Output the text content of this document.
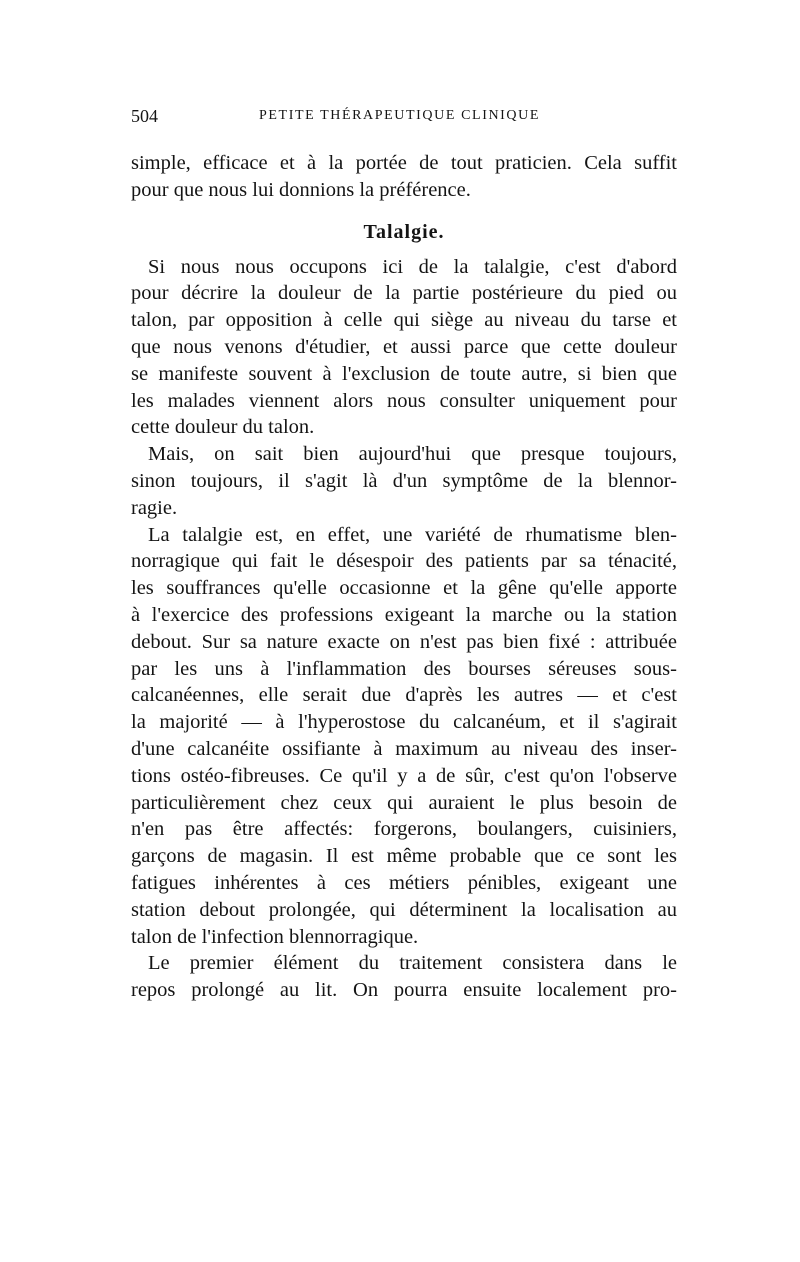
504	PETITE THÉRAPEUTIQUE CLINIQUE
simple, efficace et à la portée de tout praticien. Cela suffit
pour que nous lui donnions la préférence.
Talalgie.
Si nous nous occupons ici de la talalgie, c'est d'abord
pour décrire la douleur de la partie postérieure du pied ou
talon, par opposition à celle qui siège au niveau du tarse et
que nous venons d'étudier, et aussi parce que cette douleur
se manifeste souvent à l'exclusion de toute autre, si bien que
les malades viennent alors nous consulter uniquement pour
cette douleur du talon.
Mais, on sait bien aujourd'hui que presque toujours,
sinon toujours, il s'agit là d'un symptôme de la blennor-
ragie.
La talalgie est, en effet, une variété de rhumatisme blen-
norragique qui fait le désespoir des patients par sa ténacité,
les souffrances qu'elle occasionne et la gêne qu'elle apporte
à l'exercice des professions exigeant la marche ou la station
debout. Sur sa nature exacte on n'est pas bien fixé : attribuée
par les uns à l'inflammation des bourses séreuses sous-
calcanéennes, elle serait due d'après les autres — et c'est
la majorité — à l'hyperostose du calcanéum, et il s'agirait
d'une calcanéite ossifiante à maximum au niveau des inser-
tions ostéo-fibreuses. Ce qu'il y a de sûr, c'est qu'on l'observe
particulièrement chez ceux qui auraient le plus besoin de
n'en pas être affectés: forgerons, boulangers, cuisiniers,
garçons de magasin. Il est même probable que ce sont les
fatigues inhérentes à ces métiers pénibles, exigeant une
station debout prolongée, qui déterminent la localisation au
talon de l'infection blennorragique.
Le premier élément du traitement consistera dans le
repos prolongé au lit. On pourra ensuite localement pro-
